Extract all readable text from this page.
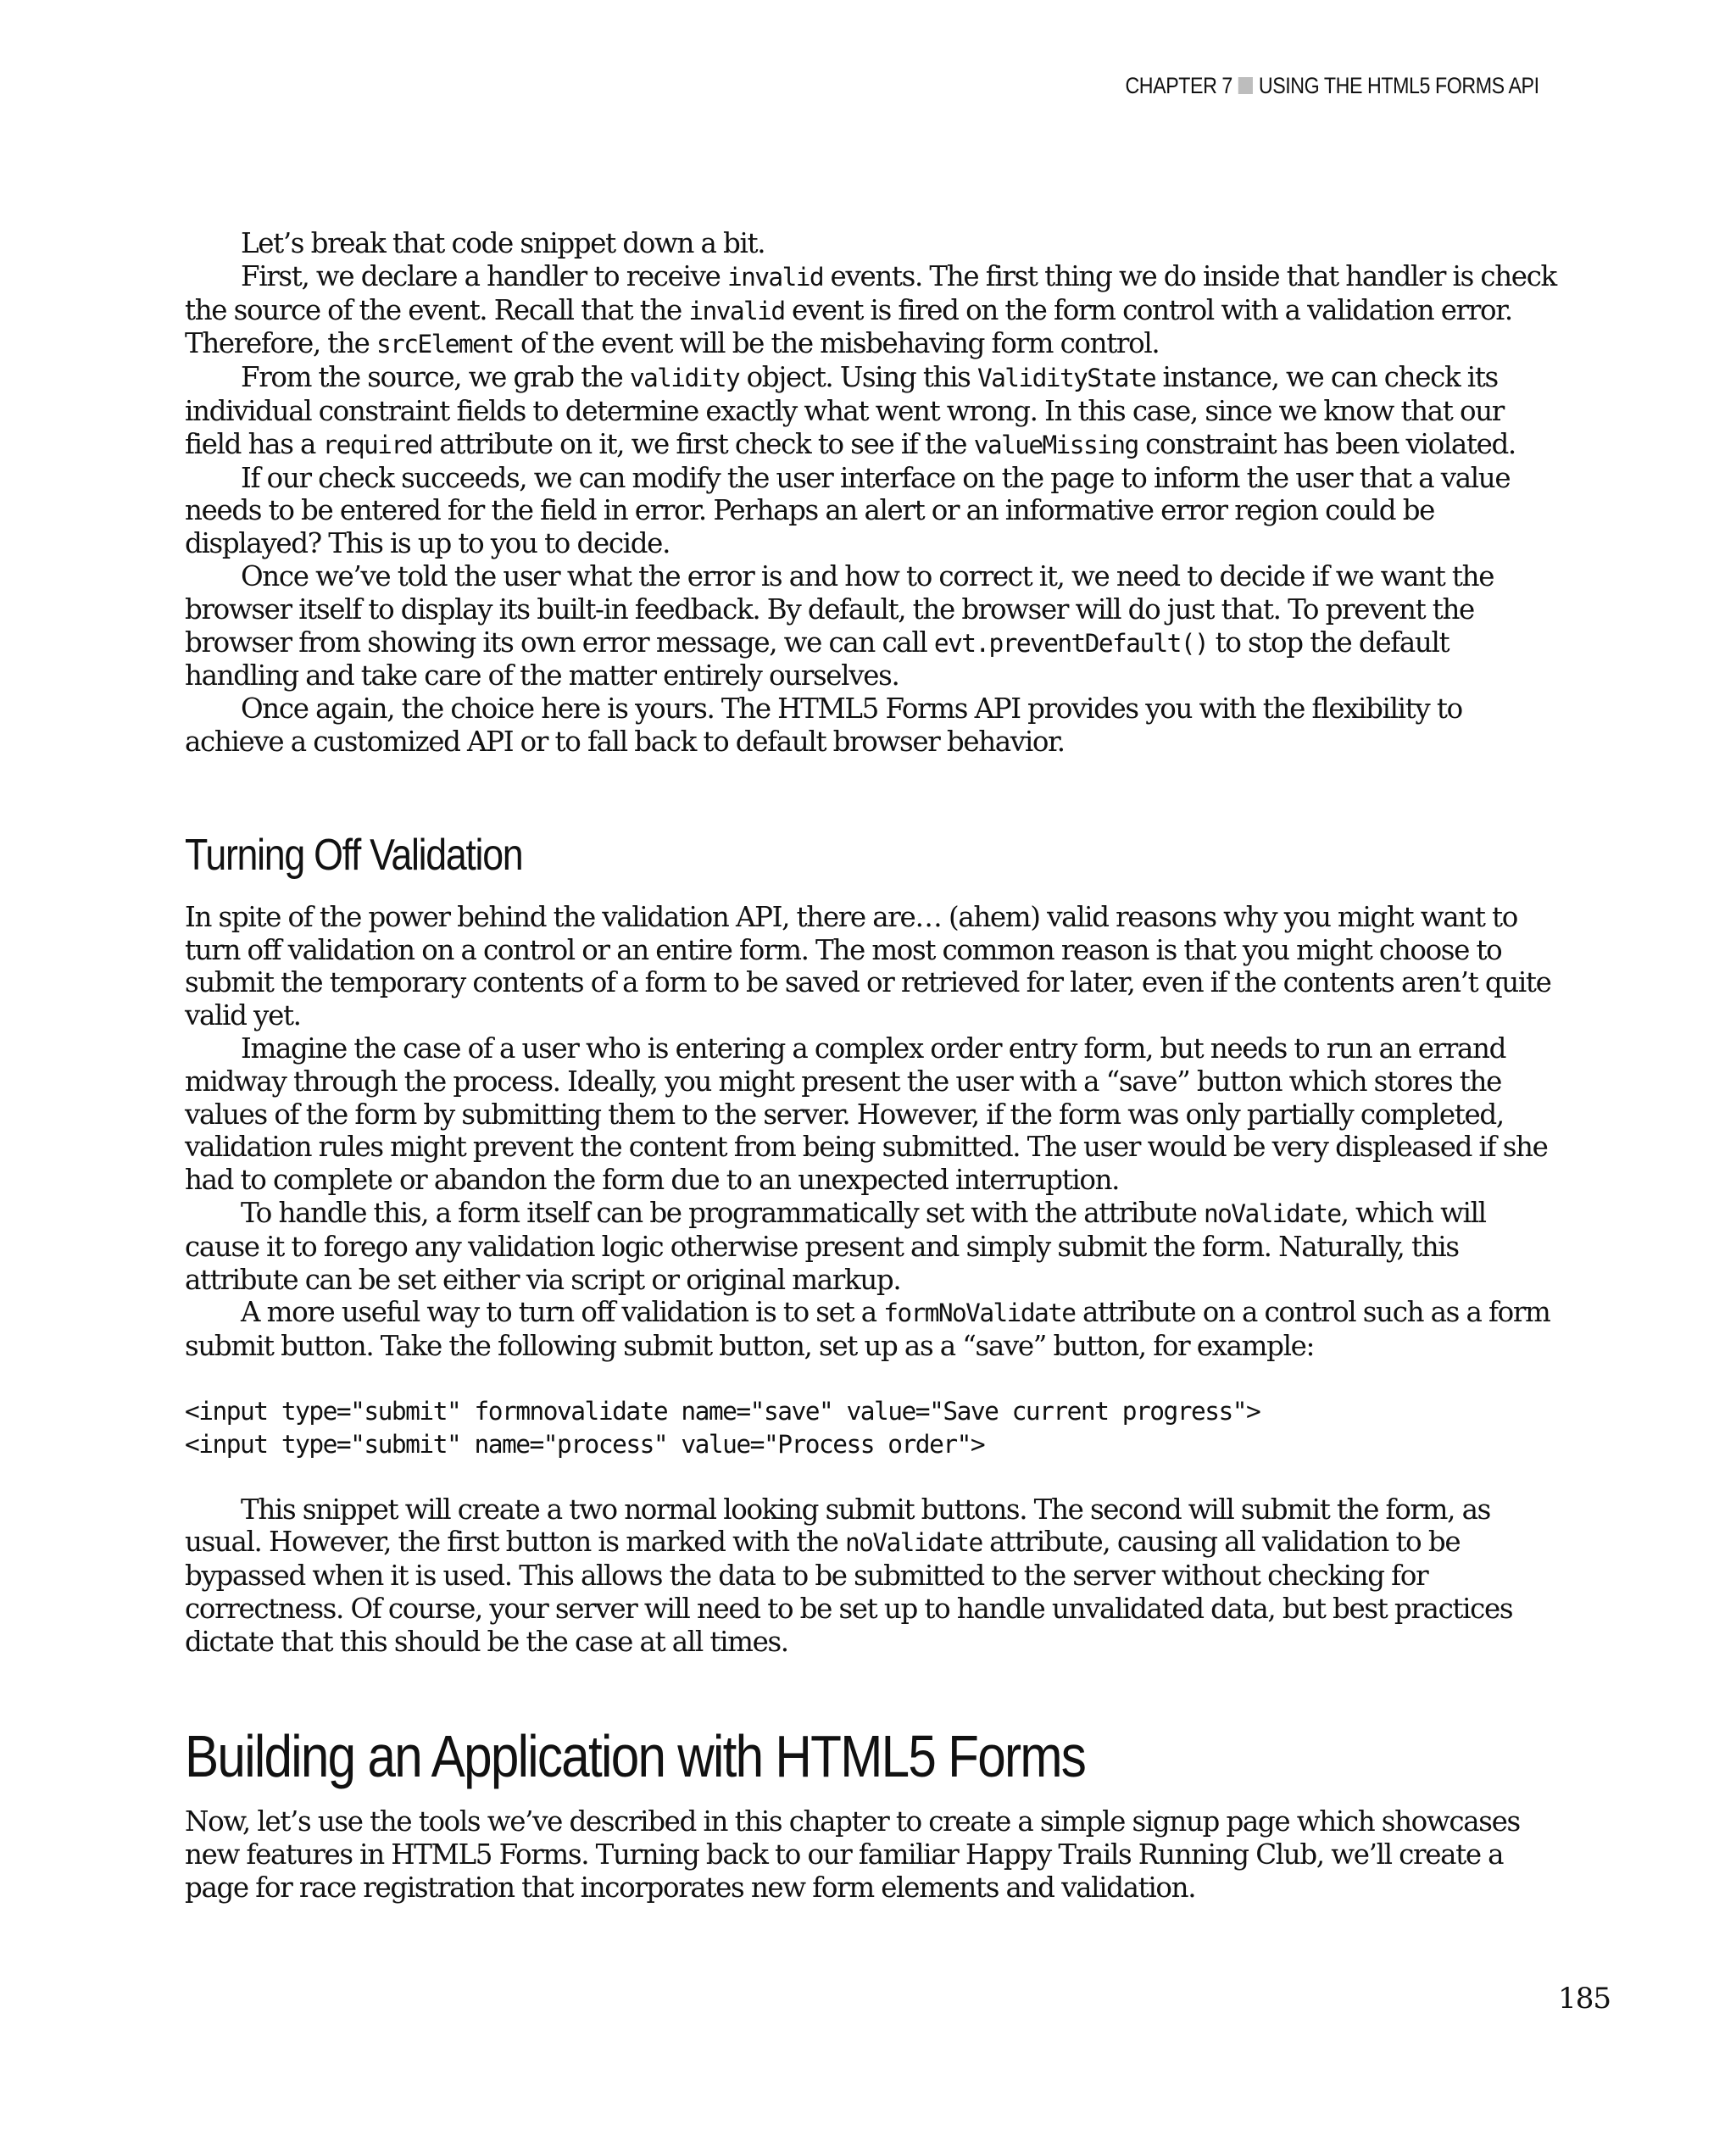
CHAPTER 7 USING THE HTML5 FORMS API

Let’s break that code snippet down a bit.

First, we declare a handler to receive invalid events. The first thing we do inside that handler is check the source of the event. Recall that the invalid event is fired on the form control with a validation error. Therefore, the srcElement of the event will be the misbehaving form control.

From the source, we grab the validity object. Using this ValidityState instance, we can check its individual constraint fields to determine exactly what went wrong. In this case, since we know that our field has a required attribute on it, we first check to see if the valueMissing constraint has been violated.

If our check succeeds, we can modify the user interface on the page to inform the user that a value needs to be entered for the field in error. Perhaps an alert or an informative error region could be displayed? This is up to you to decide.

Once we’ve told the user what the error is and how to correct it, we need to decide if we want the browser itself to display its built-in feedback. By default, the browser will do just that. To prevent the browser from showing its own error message, we can call evt.preventDefault() to stop the default handling and take care of the matter entirely ourselves.

Once again, the choice here is yours. The HTML5 Forms API provides you with the flexibility to achieve a customized API or to fall back to default browser behavior.

Turning Off Validation

In spite of the power behind the validation API, there are… (ahem) valid reasons why you might want to turn off validation on a control or an entire form. The most common reason is that you might choose to submit the temporary contents of a form to be saved or retrieved for later, even if the contents aren’t quite valid yet.

Imagine the case of a user who is entering a complex order entry form, but needs to run an errand midway through the process. Ideally, you might present the user with a “save” button which stores the values of the form by submitting them to the server. However, if the form was only partially completed, validation rules might prevent the content from being submitted. The user would be very displeased if she had to complete or abandon the form due to an unexpected interruption.

To handle this, a form itself can be programmatically set with the attribute noValidate, which will cause it to forego any validation logic otherwise present and simply submit the form. Naturally, this attribute can be set either via script or original markup.

A more useful way to turn off validation is to set a formNoValidate attribute on a control such as a form submit button. Take the following submit button, set up as a “save” button, for example:

<input type="submit" formnovalidate name="save" value="Save current progress">
<input type="submit" name="process" value="Process order">

This snippet will create a two normal looking submit buttons. The second will submit the form, as usual. However, the first button is marked with the noValidate attribute, causing all validation to be bypassed when it is used. This allows the data to be submitted to the server without checking for correctness. Of course, your server will need to be set up to handle unvalidated data, but best practices dictate that this should be the case at all times.

Building an Application with HTML5 Forms

Now, let’s use the tools we’ve described in this chapter to create a simple signup page which showcases new features in HTML5 Forms. Turning back to our familiar Happy Trails Running Club, we’ll create a page for race registration that incorporates new form elements and validation.

185
